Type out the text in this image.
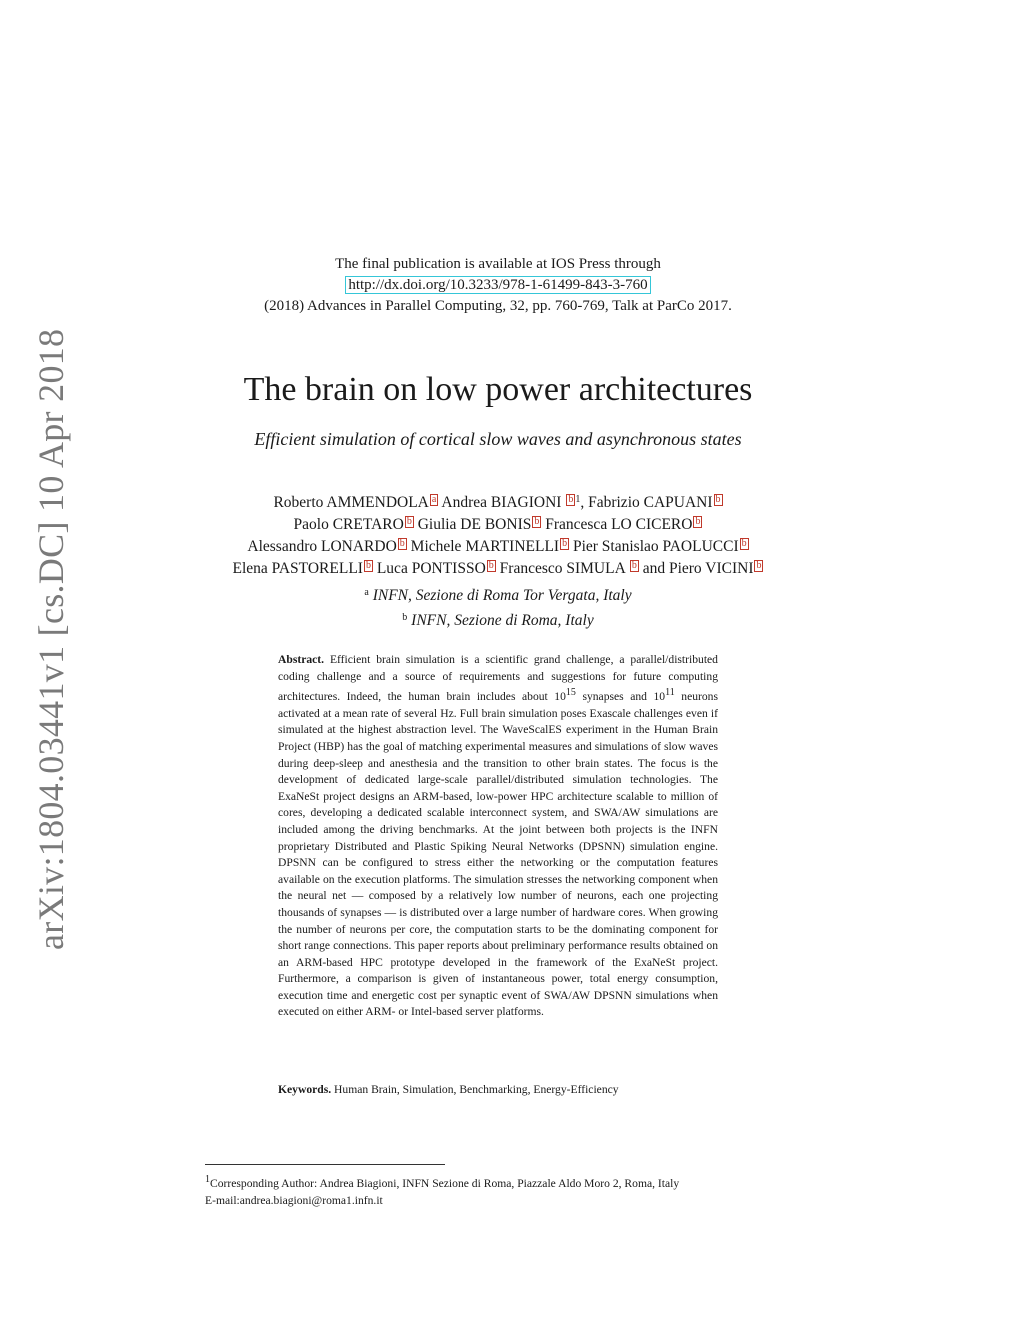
arXiv:1804.03441v1 [cs.DC] 10 Apr 2018
The final publication is available at IOS Press through
http://dx.doi.org/10.3233/978-1-61499-843-3-760
(2018) Advances in Parallel Computing, 32, pp. 760-769, Talk at ParCo 2017.
The brain on low power architectures
Efficient simulation of cortical slow waves and asynchronous states
Roberto AMMENDOLA a Andrea BIAGIONI b $^1$, Fabrizio CAPUANI b
Paolo CRETARO b Giulia DE BONIS b Francesca LO CICERO b
Alessandro LONARDO b Michele MARTINELLI b Pier Stanislao PAOLUCCI b
Elena PASTORELLI b Luca PONTISSO b Francesco SIMULA b and Piero VICINI b
$^a$ INFN, Sezione di Roma Tor Vergata, Italy
$^b$ INFN, Sezione di Roma, Italy
Abstract. Efficient brain simulation is a scientific grand challenge, a parallel/distributed coding challenge and a source of requirements and suggestions for future computing architectures. Indeed, the human brain includes about $10^{15}$ synapses and $10^{11}$ neurons activated at a mean rate of several Hz. Full brain simulation poses Exascale challenges even if simulated at the highest abstraction level. The WaveScalES experiment in the Human Brain Project (HBP) has the goal of matching experimental measures and simulations of slow waves during deep-sleep and anesthesia and the transition to other brain states. The focus is the development of dedicated large-scale parallel/distributed simulation technologies. The ExaNeSt project designs an ARM-based, low-power HPC architecture scalable to million of cores, developing a dedicated scalable interconnect system, and SWA/AW simulations are included among the driving benchmarks. At the joint between both projects is the INFN proprietary Distributed and Plastic Spiking Neural Networks (DPSNN) simulation engine. DPSNN can be configured to stress either the networking or the computation features available on the execution platforms. The simulation stresses the networking component when the neural net — composed by a relatively low number of neurons, each one projecting thousands of synapses — is distributed over a large number of hardware cores. When growing the number of neurons per core, the computation starts to be the dominating component for short range connections. This paper reports about preliminary performance results obtained on an ARM-based HPC prototype developed in the framework of the ExaNeSt project. Furthermore, a comparison is given of instantaneous power, total energy consumption, execution time and energetic cost per synaptic event of SWA/AW DPSNN simulations when executed on either ARM- or Intel-based server platforms.
Keywords. Human Brain, Simulation, Benchmarking, Energy-Efficiency
1Corresponding Author: Andrea Biagioni, INFN Sezione di Roma, Piazzale Aldo Moro 2, Roma, Italy
E-mail:andrea.biagioni@roma1.infn.it
